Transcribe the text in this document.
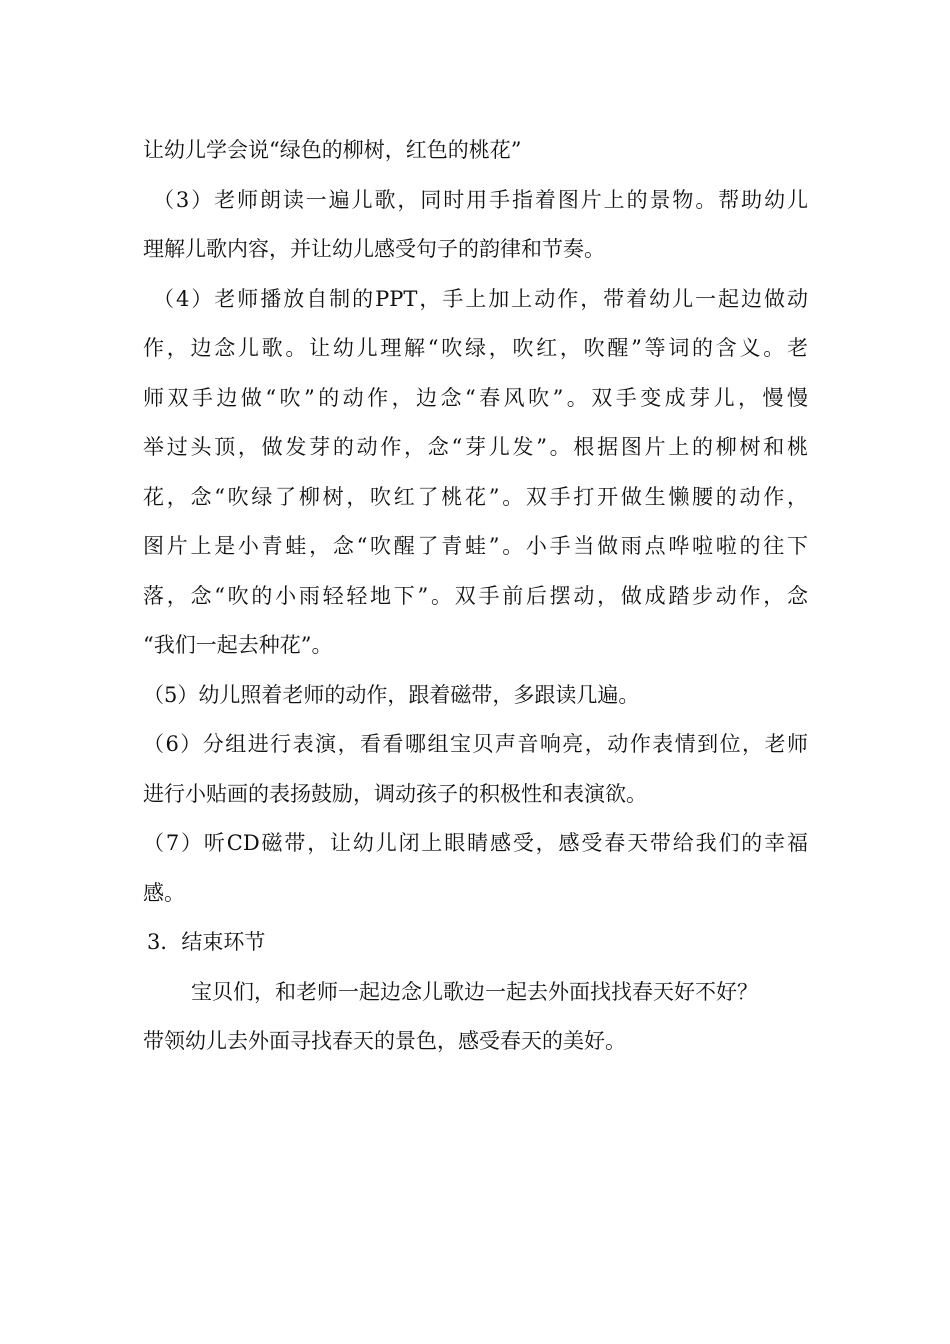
让幼儿学会说“绿色的柳树，红色的桃花”
（3）老师朗读一遍儿歌，同时用手指着图片上的景物。帮助幼儿
理解儿歌内容，并让幼儿感受句子的韵律和节奏。
（4）老师播放自制的PPT，手上加上动作，带着幼儿一起边做动
作，边念儿歌。让幼儿理解“吹绿，吹红，吹醒”等词的含义。老
师双手边做“吹”的动作，边念“春风吹”。双手变成芽儿，慢慢
举过头顶，做发芽的动作，念“芽儿发”。根据图片上的柳树和桃
花，念“吹绿了柳树，吹红了桃花”。双手打开做生懒腰的动作，
图片上是小青蛙，念“吹醒了青蛙”。小手当做雨点哗啦啦的往下
落，念“吹的小雨轻轻地下”。双手前后摆动，做成踏步动作，念
“我们一起去种花”。
（5）幼儿照着老师的动作，跟着磁带，多跟读几遍。
（6）分组进行表演，看看哪组宝贝声音响亮，动作表情到位，老师
进行小贴画的表扬鼓励，调动孩子的积极性和表演欲。
（7）听CD磁带，让幼儿闭上眼睛感受，感受春天带给我们的幸福
感。
3．结束环节
宝贝们，和老师一起边念儿歌边一起去外面找找春天好不好？
带领幼儿去外面寻找春天的景色，感受春天的美好。
